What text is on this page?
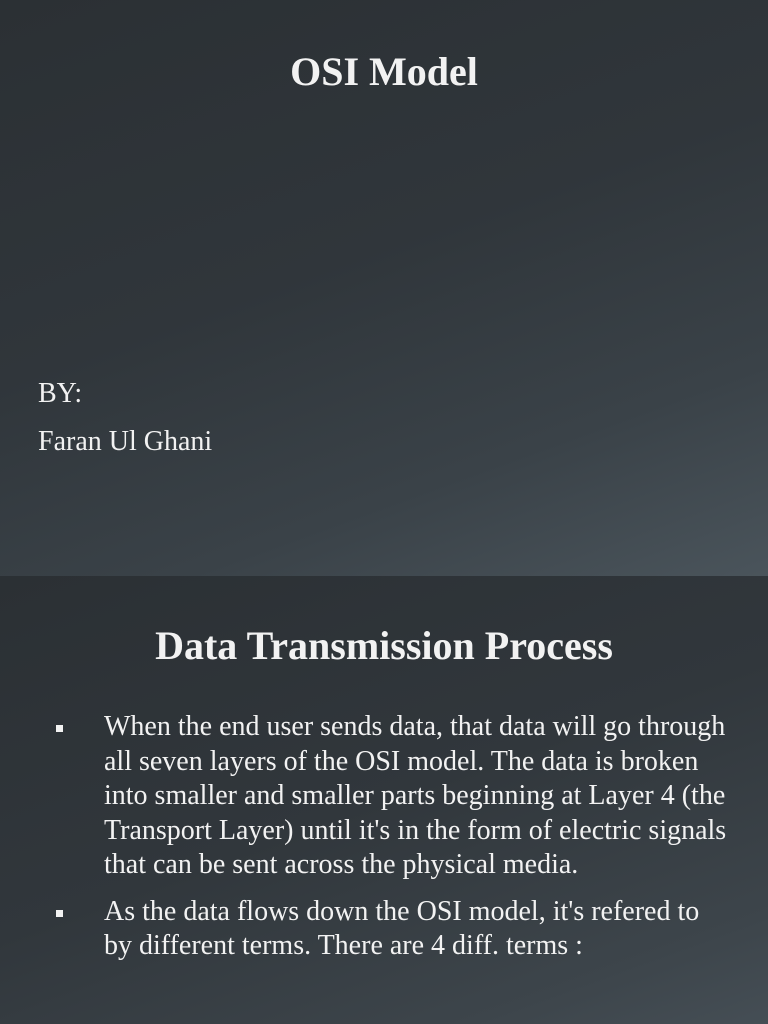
OSI Model
BY:
Faran Ul Ghani
Data Transmission Process
When the end user sends data, that data will go through all seven layers of the OSI model. The data is broken into smaller and smaller parts beginning at Layer 4 (the Transport Layer) until it's in the form of electric signals that can be sent across the physical media.
As the data flows down the OSI model, it's refered to by different terms. There are 4 diff. terms :
